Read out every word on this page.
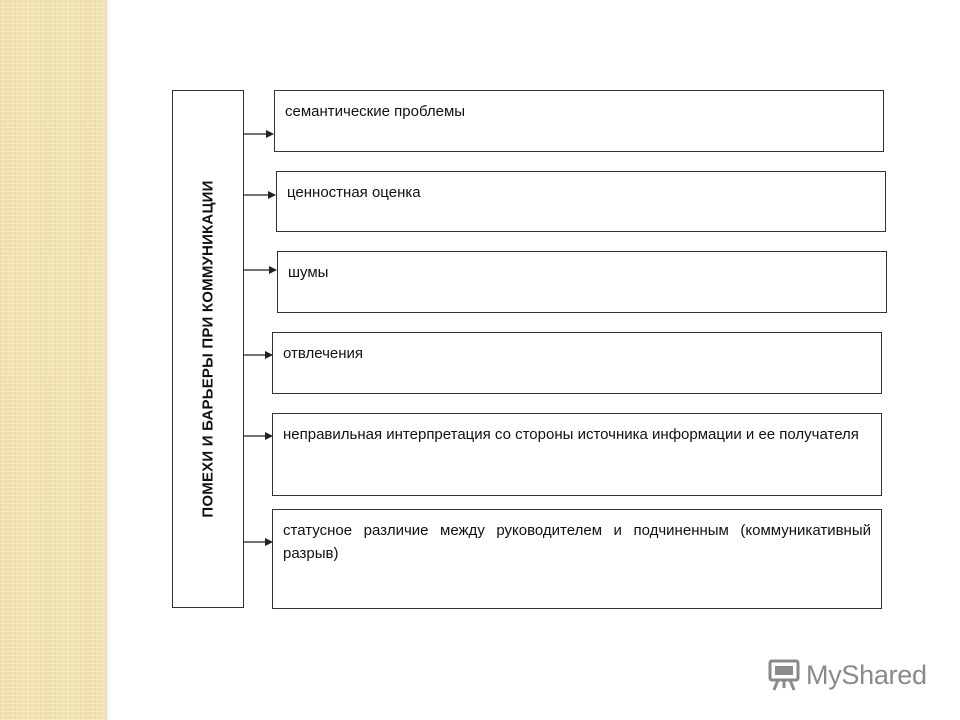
ПОМЕХИ И БАРЬЕРЫ ПРИ КОММУНИКАЦИИ
семантические проблемы
ценностная оценка
шумы
отвлечения
неправильная интерпретация со стороны источника информации и ее получателя
статусное различие между руководителем и подчиненным (коммуникативный разрыв)
MyShared
